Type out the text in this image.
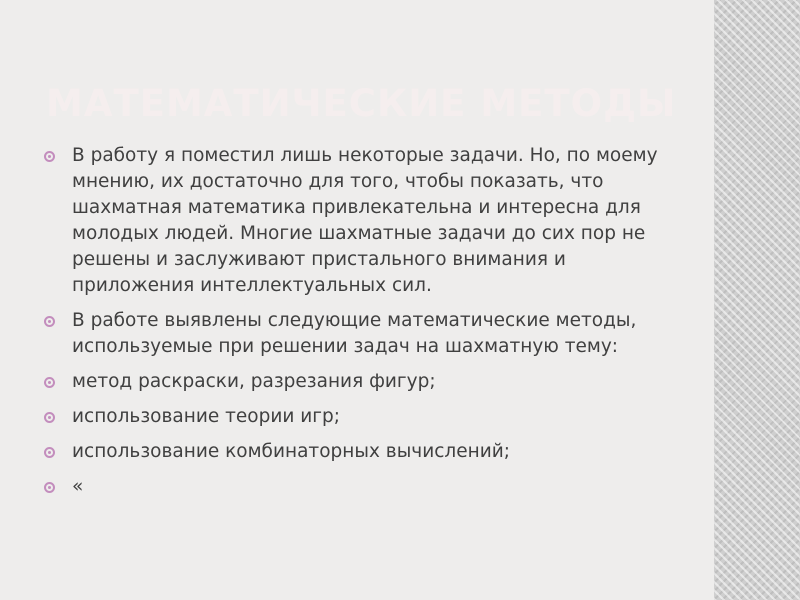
МАТЕМАТИЧЕСКИЕ МЕТОДЫ
В работу я поместил лишь некоторые задачи. Но, по моему мнению, их достаточно для того, чтобы показать, что шахматная математика привлекательна и интересна для молодых людей. Многие шахматные задачи до сих пор не решены и заслуживают пристального внимания и приложения интеллектуальных сил.
В работе выявлены следующие математические методы, используемые при решении задач на шахматную тему:
метод раскраски, разрезания фигур;
использование теории игр;
использование комбинаторных вычислений;
«
